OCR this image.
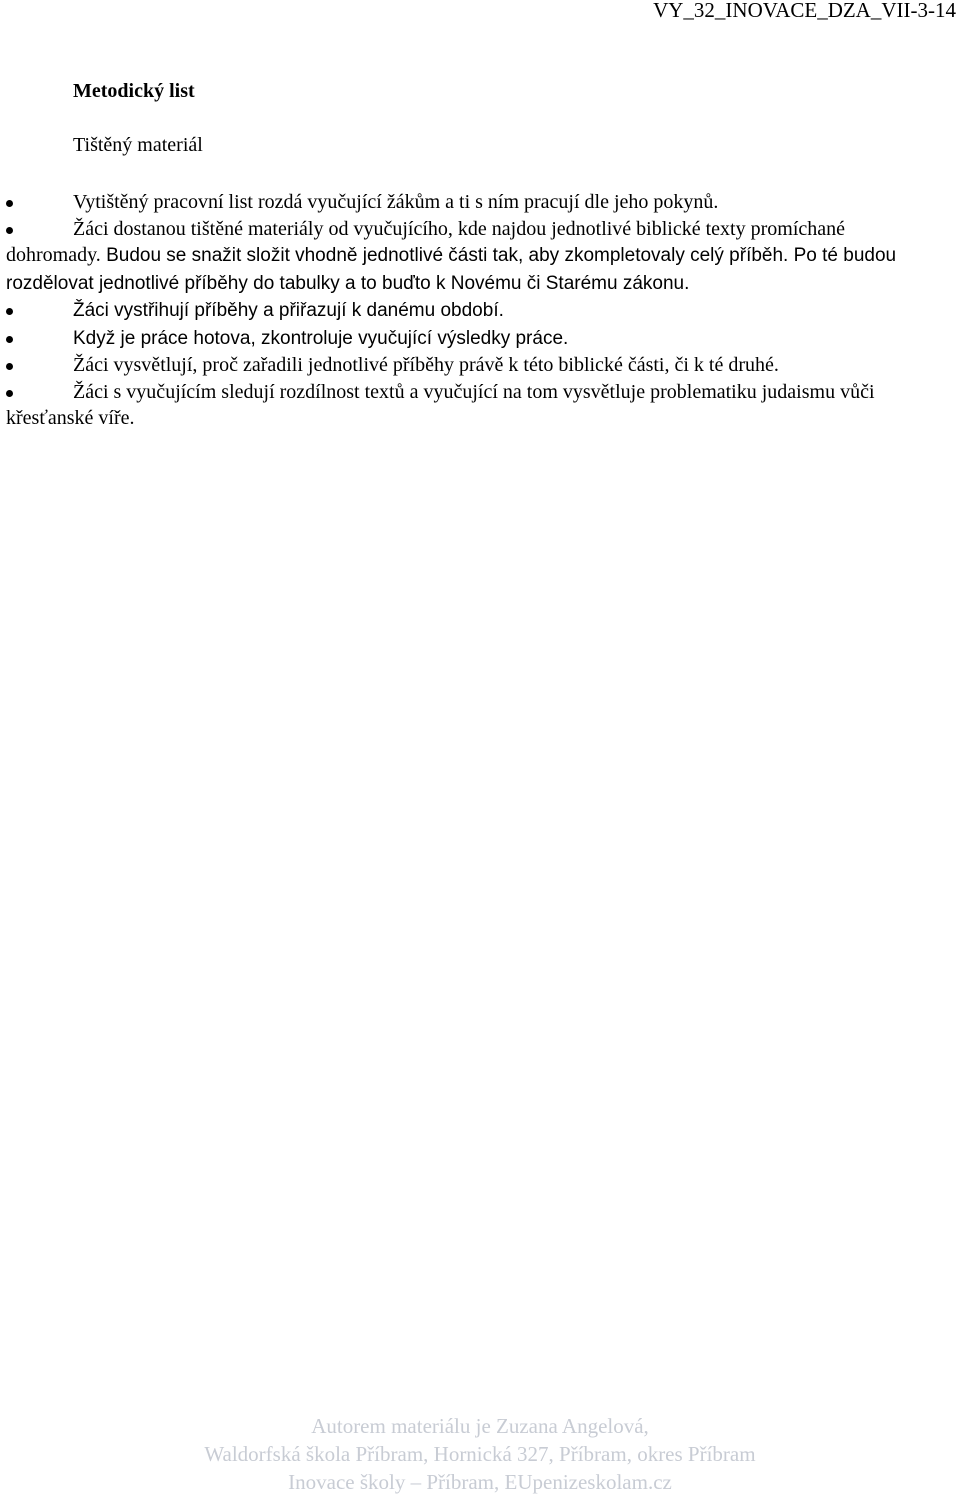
VY_32_INOVACE_DZA_VII-3-14
Metodický list

Tištěný materiál

Vytištěný pracovní list rozdá vyučující žákům a ti s ním pracují dle jeho pokynů.
Žáci dostanou tištěné materiály od vyučujícího, kde najdou jednotlivé biblické texty promíchané dohromady. Budou se snažit složit vhodně jednotlivé části tak, aby zkompletovaly celý příběh. Po té budou rozdělovat jednotlivé příběhy do tabulky a to buďto k Novému či Starému zákonu.
Žáci vystřihují příběhy a přiřazují k danému období.
Když je práce hotova, zkontroluje vyučující výsledky práce.
Žáci vysvětlují, proč zařadili jednotlivé příběhy právě k této biblické části, či k té druhé.
Žáci s vyučujícím sledují rozdílnost textů a vyučující na tom vysvětluje problematiku judaismu vůči křesťanské víře.
Autorem materiálu je Zuzana Angelová,
Waldorfská škola Příbram, Hornická 327, Příbram, okres Příbram
Inovace školy – Příbram, EUpenizeskolam.cz
